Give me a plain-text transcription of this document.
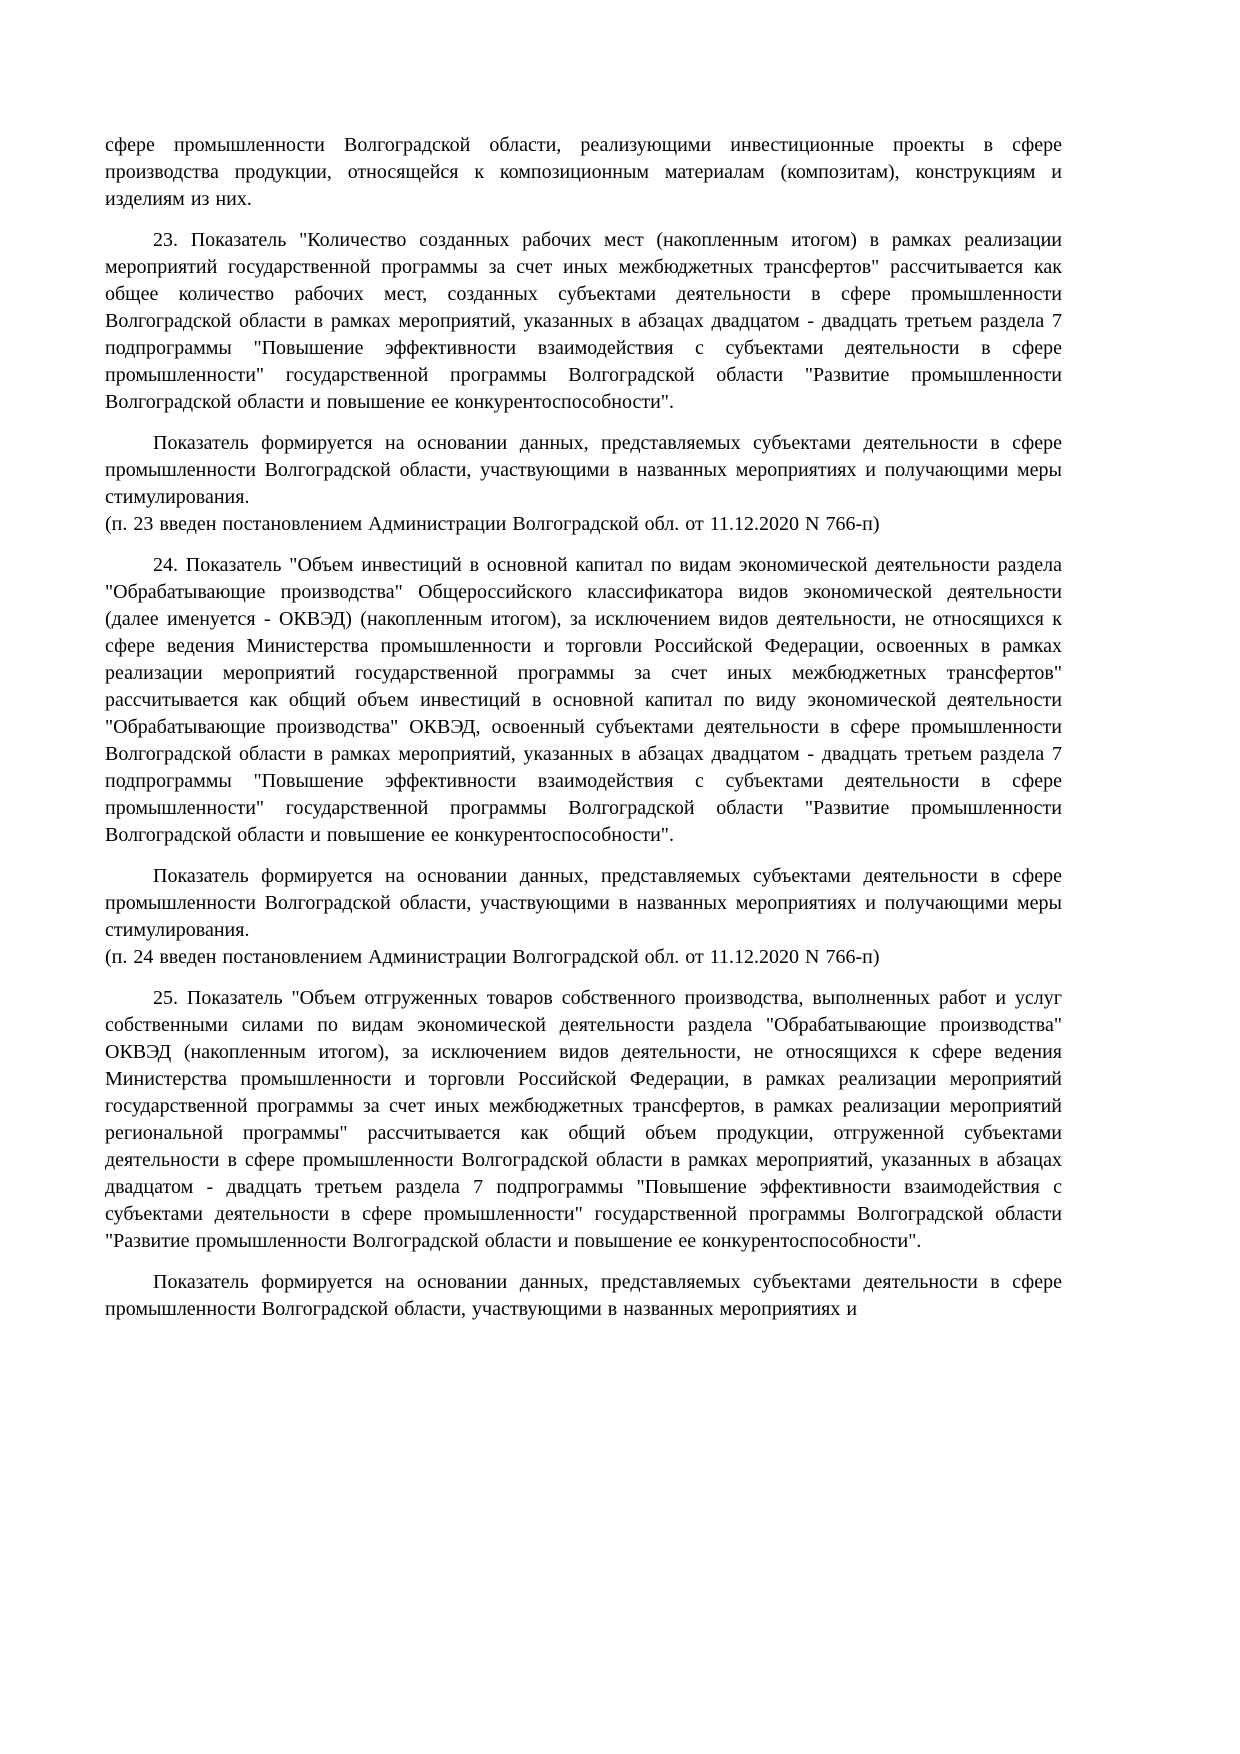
сфере промышленности Волгоградской области, реализующими инвестиционные проекты в сфере производства продукции, относящейся к композиционным материалам (композитам), конструкциям и изделиям из них.

23. Показатель "Количество созданных рабочих мест (накопленным итогом) в рамках реализации мероприятий государственной программы за счет иных межбюджетных трансфертов" рассчитывается как общее количество рабочих мест, созданных субъектами деятельности в сфере промышленности Волгоградской области в рамках мероприятий, указанных в абзацах двадцатом - двадцать третьем раздела 7 подпрограммы "Повышение эффективности взаимодействия с субъектами деятельности в сфере промышленности" государственной программы Волгоградской области "Развитие промышленности Волгоградской области и повышение ее конкурентоспособности".

Показатель формируется на основании данных, представляемых субъектами деятельности в сфере промышленности Волгоградской области, участвующими в названных мероприятиях и получающими меры стимулирования.

(п. 23 введен постановлением Администрации Волгоградской обл. от 11.12.2020 N 766-п)

24. Показатель "Объем инвестиций в основной капитал по видам экономической деятельности раздела "Обрабатывающие производства" Общероссийского классификатора видов экономической деятельности (далее именуется - ОКВЭД) (накопленным итогом), за исключением видов деятельности, не относящихся к сфере ведения Министерства промышленности и торговли Российской Федерации, освоенных в рамках реализации мероприятий государственной программы за счет иных межбюджетных трансфертов" рассчитывается как общий объем инвестиций в основной капитал по виду экономической деятельности "Обрабатывающие производства" ОКВЭД, освоенный субъектами деятельности в сфере промышленности Волгоградской области в рамках мероприятий, указанных в абзацах двадцатом - двадцать третьем раздела 7 подпрограммы "Повышение эффективности взаимодействия с субъектами деятельности в сфере промышленности" государственной программы Волгоградской области "Развитие промышленности Волгоградской области и повышение ее конкурентоспособности".

Показатель формируется на основании данных, представляемых субъектами деятельности в сфере промышленности Волгоградской области, участвующими в названных мероприятиях и получающими меры стимулирования.

(п. 24 введен постановлением Администрации Волгоградской обл. от 11.12.2020 N 766-п)

25. Показатель "Объем отгруженных товаров собственного производства, выполненных работ и услуг собственными силами по видам экономической деятельности раздела "Обрабатывающие производства" ОКВЭД (накопленным итогом), за исключением видов деятельности, не относящихся к сфере ведения Министерства промышленности и торговли Российской Федерации, в рамках реализации мероприятий государственной программы за счет иных межбюджетных трансфертов, в рамках реализации мероприятий региональной программы" рассчитывается как общий объем продукции, отгруженной субъектами деятельности в сфере промышленности Волгоградской области в рамках мероприятий, указанных в абзацах двадцатом - двадцать третьем раздела 7 подпрограммы "Повышение эффективности взаимодействия с субъектами деятельности в сфере промышленности" государственной программы Волгоградской области "Развитие промышленности Волгоградской области и повышение ее конкурентоспособности".

Показатель формируется на основании данных, представляемых субъектами деятельности в сфере промышленности Волгоградской области, участвующими в названных мероприятиях и
